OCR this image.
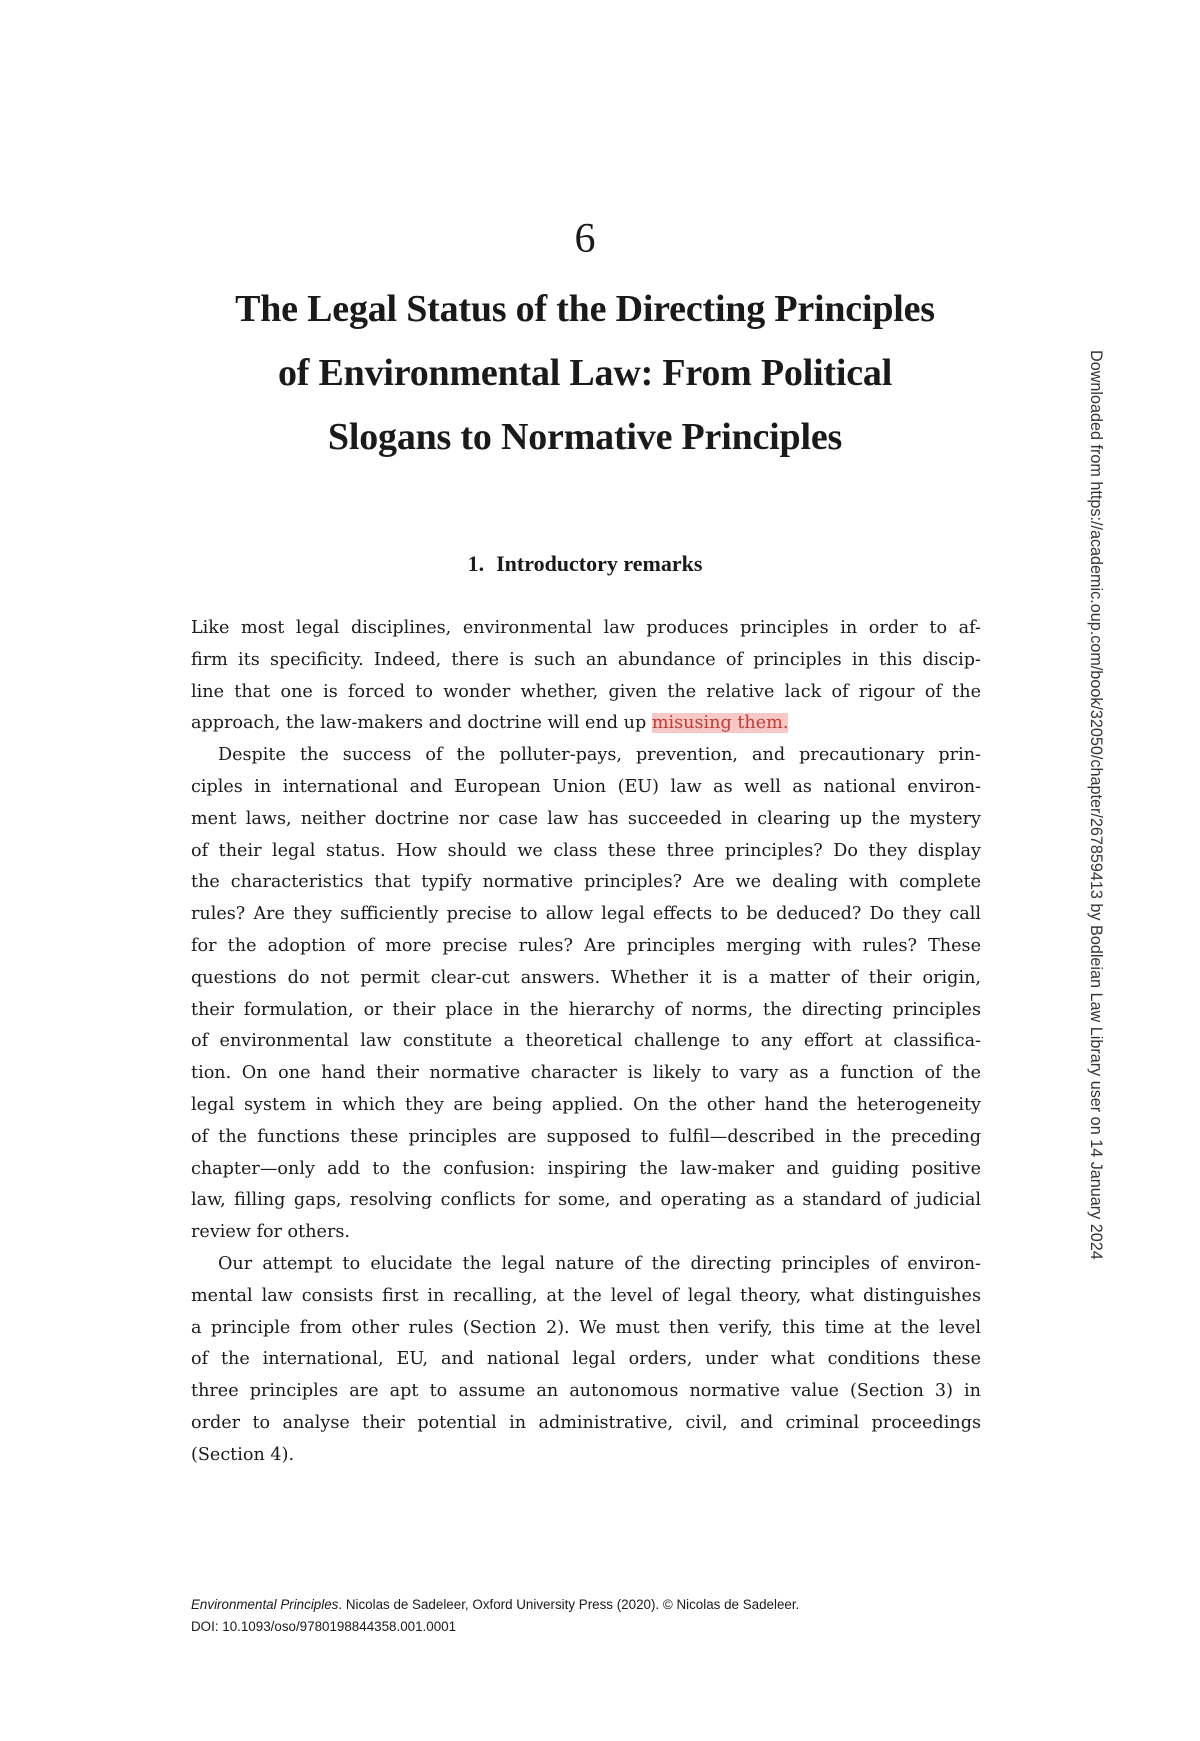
6
The Legal Status of the Directing Principles
of Environmental Law: From Political
Slogans to Normative Principles
1. Introductory remarks
Like most legal disciplines, environmental law produces principles in order to af-
firm its specificity. Indeed, there is such an abundance of principles in this discip-
line that one is forced to wonder whether, given the relative lack of rigour of the
approach, the law-makers and doctrine will end up misusing them.
Despite the success of the polluter-pays, prevention, and precautionary prin-
ciples in international and European Union (EU) law as well as national environ-
ment laws, neither doctrine nor case law has succeeded in clearing up the mystery
of their legal status. How should we class these three principles? Do they display
the characteristics that typify normative principles? Are we dealing with complete
rules? Are they sufficiently precise to allow legal effects to be deduced? Do they call
for the adoption of more precise rules? Are principles merging with rules? These
questions do not permit clear-cut answers. Whether it is a matter of their origin,
their formulation, or their place in the hierarchy of norms, the directing principles
of environmental law constitute a theoretical challenge to any effort at classifica-
tion. On one hand their normative character is likely to vary as a function of the
legal system in which they are being applied. On the other hand the heterogeneity
of the functions these principles are supposed to fulfil—described in the preceding
chapter—only add to the confusion: inspiring the law-maker and guiding positive
law, filling gaps, resolving conflicts for some, and operating as a standard of judicial
review for others.
Our attempt to elucidate the legal nature of the directing principles of environ-
mental law consists first in recalling, at the level of legal theory, what distinguishes
a principle from other rules (Section 2). We must then verify, this time at the level
of the international, EU, and national legal orders, under what conditions these
three principles are apt to assume an autonomous normative value (Section 3) in
order to analyse their potential in administrative, civil, and criminal proceedings
(Section 4).
Downloaded from https://academic.oup.com/book/32050/chapter/267859413 by Bodleian Law Library user on 14 January 2024
Environmental Principles. Nicolas de Sadeleer, Oxford University Press (2020). © Nicolas de Sadeleer.
DOI: 10.1093/oso/9780198844358.001.0001
